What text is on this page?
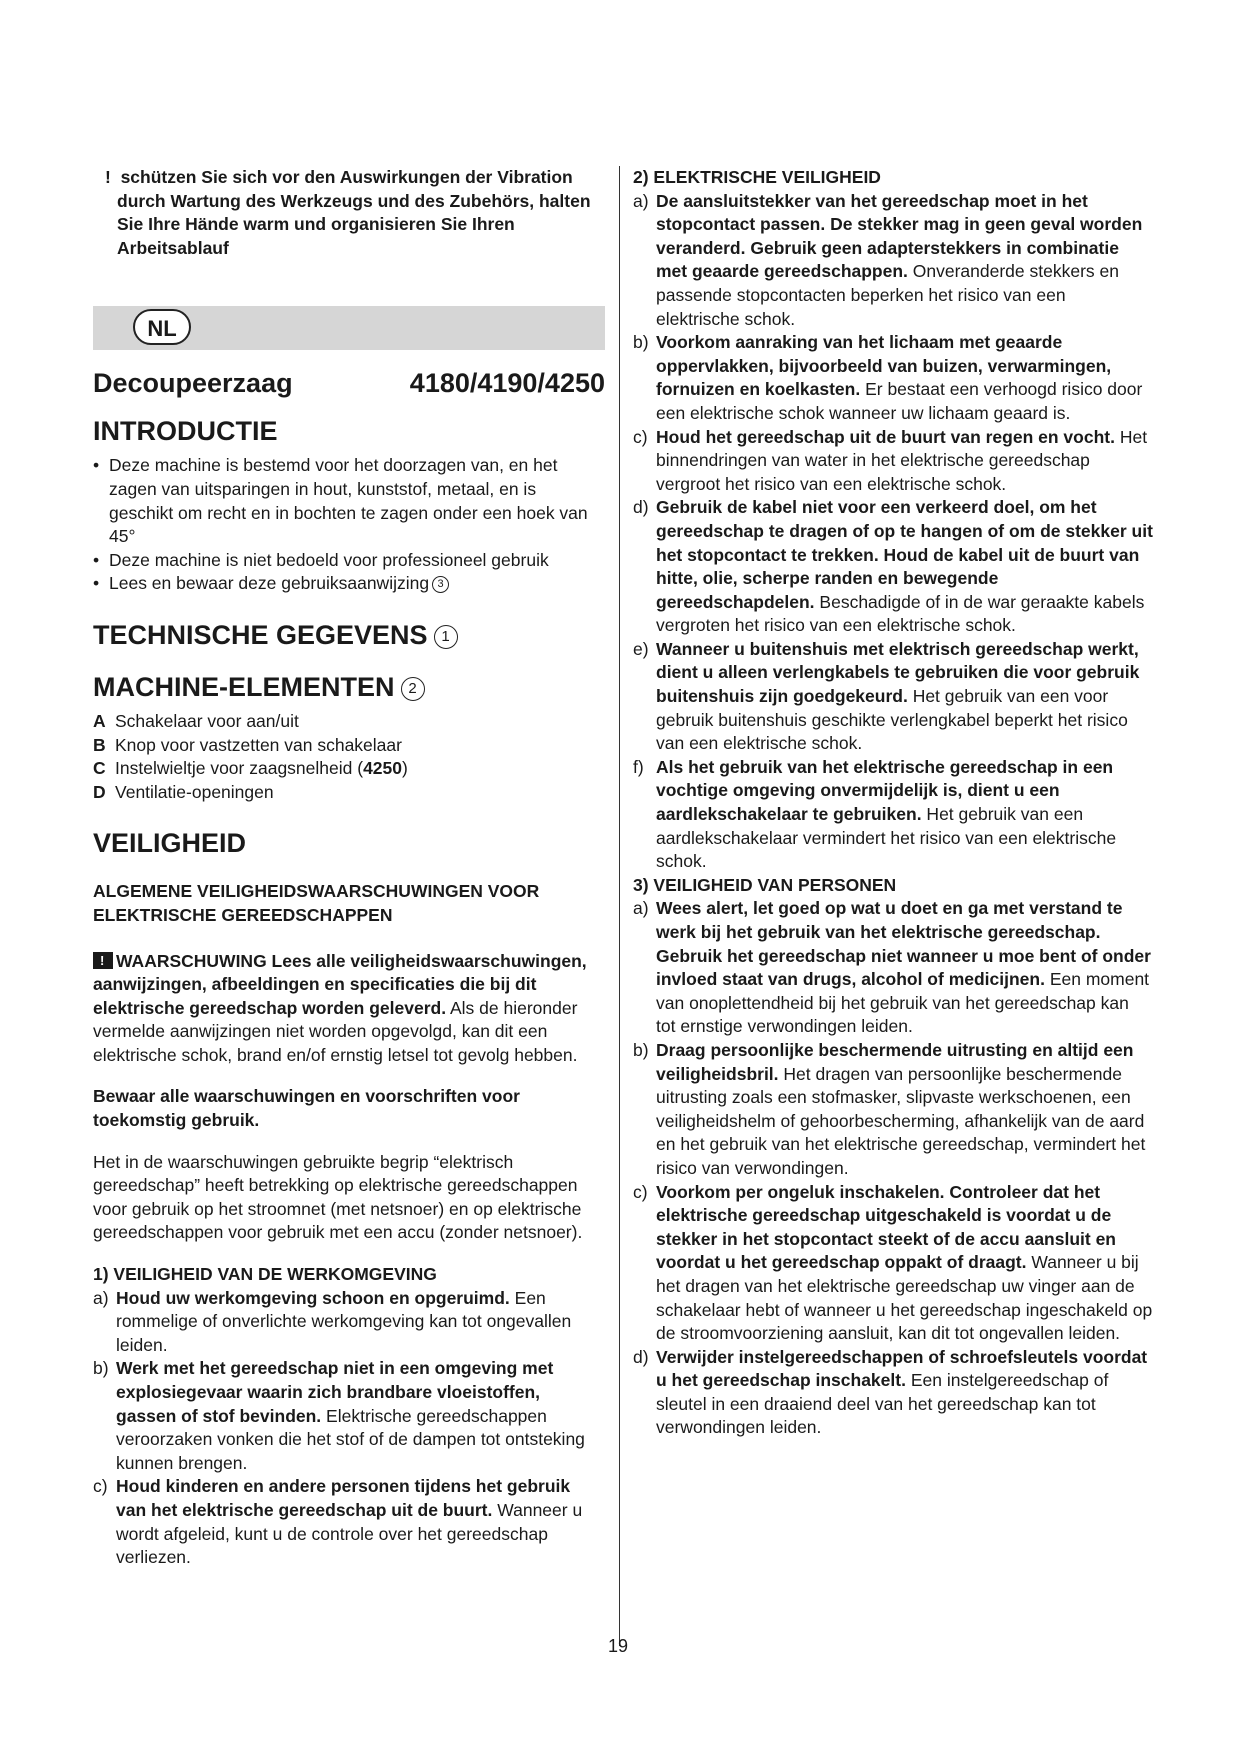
! schützen Sie sich vor den Auswirkungen der Vibration durch Wartung des Werkzeugs und des Zubehörs, halten Sie Ihre Hände warm und organisieren Sie Ihren Arbeitsablauf
NL
Decoupeerzaag	4180/4190/4250
INTRODUCTIE
• Deze machine is bestemd voor het doorzagen van, en het zagen van uitsparingen in hout, kunststof, metaal, en is geschikt om recht en in bochten te zagen onder een hoek van 45°
• Deze machine is niet bedoeld voor professioneel gebruik
• Lees en bewaar deze gebruiksaanwijzing 3
TECHNISCHE GEGEVENS 1
MACHINE-ELEMENTEN 2
A Schakelaar voor aan/uit
B Knop voor vastzetten van schakelaar
C Instelwieltje voor zaagsnelheid (4250)
D Ventilatie-openingen
VEILIGHEID

ALGEMENE VEILIGHEIDSWAARSCHUWINGEN VOOR ELEKTRISCHE GEREEDSCHAPPEN

!WAARSCHUWING Lees alle veiligheidswaarschuwingen, aanwijzingen, afbeeldingen en specificaties die bij dit elektrische gereedschap worden geleverd. Als de hieronder vermelde aanwijzingen niet worden opgevolgd, kan dit een elektrische schok, brand en/of ernstig letsel tot gevolg hebben.

Bewaar alle waarschuwingen en voorschriften voor toekomstig gebruik.

Het in de waarschuwingen gebruikte begrip “elektrisch gereedschap” heeft betrekking op elektrische gereedschappen voor gebruik op het stroomnet (met netsnoer) en op elektrische gereedschappen voor gebruik met een accu (zonder netsnoer).

1) VEILIGHEID VAN DE WERKOMGEVING

a) Houd uw werkomgeving schoon en opgeruimd. Een rommelige of onverlichte werkomgeving kan tot ongevallen leiden.
b) Werk met het gereedschap niet in een omgeving met explosiegevaar waarin zich brandbare vloeistoffen, gassen of stof bevinden. Elektrische gereedschappen veroorzaken vonken die het stof of de dampen tot ontsteking kunnen brengen.
c) Houd kinderen en andere personen tijdens het gebruik van het elektrische gereedschap uit de buurt. Wanneer u wordt afgeleid, kunt u de controle over het gereedschap verliezen.

2) ELEKTRISCHE VEILIGHEID

a) De aansluitstekker van het gereedschap moet in het stopcontact passen. De stekker mag in geen geval worden veranderd. Gebruik geen adapterstekkers in combinatie met geaarde gereedschappen. Onveranderde stekkers en passende stopcontacten beperken het risico van een elektrische schok.
b) Voorkom aanraking van het lichaam met geaarde oppervlakken, bijvoorbeeld van buizen, verwarmingen, fornuizen en koelkasten. Er bestaat een verhoogd risico door een elektrische schok wanneer uw lichaam geaard is.
c) Houd het gereedschap uit de buurt van regen en vocht. Het binnendringen van water in het elektrische gereedschap vergroot het risico van een elektrische schok.
d) Gebruik de kabel niet voor een verkeerd doel, om het gereedschap te dragen of op te hangen of om de stekker uit het stopcontact te trekken. Houd de kabel uit de buurt van hitte, olie, scherpe randen en bewegende gereedschapdelen. Beschadigde of in de war geraakte kabels vergroten het risico van een elektrische schok.
e) Wanneer u buitenshuis met elektrisch gereedschap werkt, dient u alleen verlengkabels te gebruiken die voor gebruik buitenshuis zijn goedgekeurd. Het gebruik van een voor gebruik buitenshuis geschikte verlengkabel beperkt het risico van een elektrische schok.
f) Als het gebruik van het elektrische gereedschap in een vochtige omgeving onvermijdelijk is, dient u een aardlekschakelaar te gebruiken. Het gebruik van een aardlekschakelaar vermindert het risico van een elektrische schok.

3) VEILIGHEID VAN PERSONEN

a) Wees alert, let goed op wat u doet en ga met verstand te werk bij het gebruik van het elektrische gereedschap. Gebruik het gereedschap niet wanneer u moe bent of onder invloed staat van drugs, alcohol of medicijnen. Een moment van onoplettendheid bij het gebruik van het gereedschap kan tot ernstige verwondingen leiden.
b) Draag persoonlijke beschermende uitrusting en altijd een veiligheidsbril. Het dragen van persoonlijke beschermende uitrusting zoals een stofmasker, slipvaste werkschoenen, een veiligheidshelm of gehoorbescherming, afhankelijk van de aard en het gebruik van het elektrische gereedschap, vermindert het risico van verwondingen.
c) Voorkom per ongeluk inschakelen. Controleer dat het elektrische gereedschap uitgeschakeld is voordat u de stekker in het stopcontact steekt of de accu aansluit en voordat u het gereedschap oppakt of draagt. Wanneer u bij het dragen van het elektrische gereedschap uw vinger aan de schakelaar hebt of wanneer u het gereedschap ingeschakeld op de stroomvoorziening aansluit, kan dit tot ongevallen leiden.
d) Verwijder instelgereedschappen of schroefsleutels voordat u het gereedschap inschakelt. Een instelgereedschap of sleutel in een draaiend deel van het gereedschap kan tot verwondingen leiden.
19
